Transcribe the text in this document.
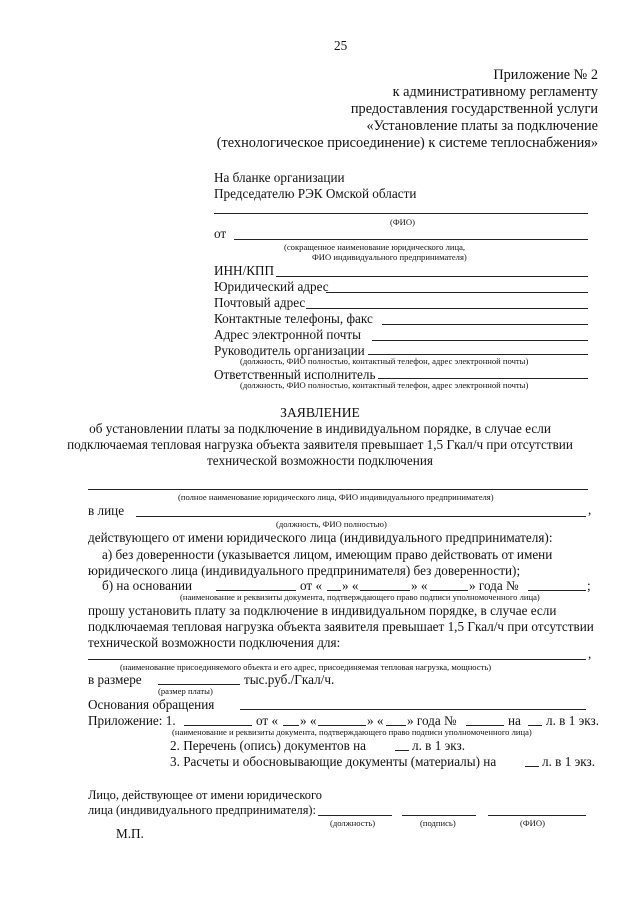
25
Приложение № 2
к административному регламенту
предоставления государственной услуги
«Установление платы за подключение
(технологическое присоединение) к системе теплоснабжения»
На бланке организации
Председателю РЭК Омской области
(ФИО)
от
(сокращенное наименование юридического лица,
ФИО индивидуального предпринимателя)
ИНН/КПП
Юридический адрес
Почтовый адрес
Контактные телефоны, факс
Адрес электронной почты
Руководитель организации
(должность, ФИО полностью, контактный телефон, адрес электронной почты)
Ответственный исполнитель
(должность, ФИО полностью, контактный телефон, адрес электронной почты)
ЗАЯВЛЕНИЕ
об установлении платы за подключение в индивидуальном порядке, в случае если
подключаемая тепловая нагрузка объекта заявителя превышает 1,5 Гкал/ч при отсутствии
технической возможности подключения
(полное наименование юридического лица, ФИО индивидуального предпринимателя)
в лице	,
(должность, ФИО полностью)
действующего от имени юридического лица (индивидуального предпринимателя):
а) без доверенности (указывается лицом, имеющим право действовать от имени
юридического лица (индивидуального предпринимателя) без доверенности);
б) на основании	от « » «	» «	» года №	;
(наименование и реквизиты документа, подтверждающего право подписи уполномоченного лица)
прошу установить плату за подключение в индивидуальном порядке, в случае если
подключаемая тепловая нагрузка объекта заявителя превышает 1,5 Гкал/ч при отсутствии
технической возможности подключения для:
,
(наименование присоединяемого объекта и его адрес, присоединяемая тепловая нагрузка, мощность)
в размере	тыс.руб./Гкал/ч.
(размер платы)
Основания обращения
Приложение: 1.	от « » «	» « » года №	на л. в 1 экз.
(наименование и реквизиты документа, подтверждающего право подписи уполномоченного лица)
2. Перечень (опись) документов на	л. в 1 экз.
3. Расчеты и обосновывающие документы (материалы) на	л. в 1 экз.
Лицо, действующее от имени юридического
лица (индивидуального предпринимателя):
(должность)	(подпись)	(ФИО)
М.П.
